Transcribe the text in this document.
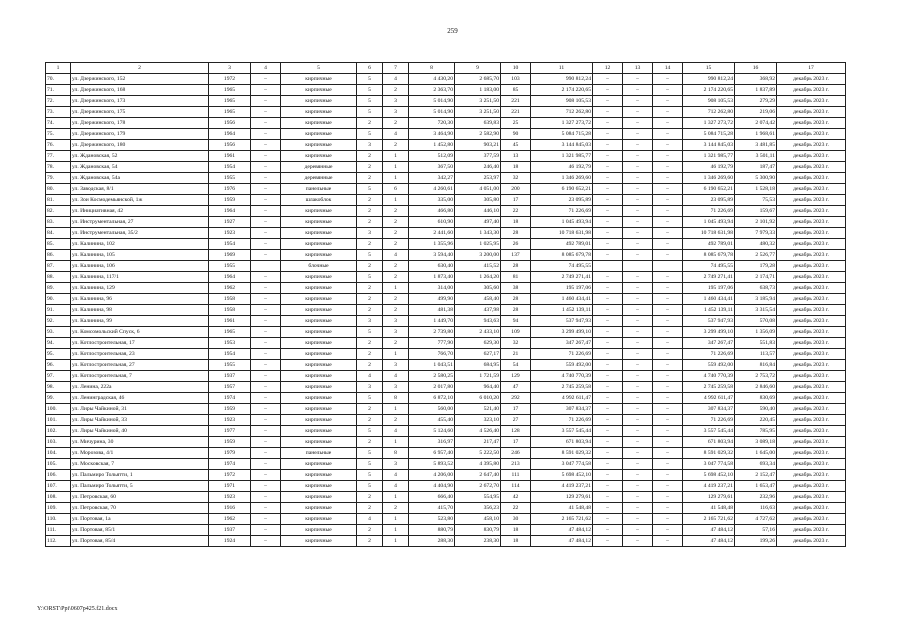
259
1	2	3	4	5	6	7	8	9	10	11	12	13	14	15	16	17
70.	ул. Дзержинского, 152	1972	–	кирпичные	5	4	4 430,20	2 685,70	103	990 812,24	–	–	–	990 812,24	368,92	декабрь 2023 г.
71.	ул. Дзержинского, 168	1965	–	кирпичные	5	2	2 363,70	1 183,00	85	2 174 220,65	–	–	–	2 174 220,65	1 837,89	декабрь 2023 г.
72.	ул. Дзержинского, 173	1965	–	кирпичные	5	3	5 014,90	3 251,50	221	908 105,53	–	–	–	908 105,53	279,29	декабрь 2023 г.
73.	ул. Дзержинского, 175	1965	–	кирпичные	5	3	5 014,90	3 251,50	221	712 262,80	–	–	–	712 262,80	219,06	декабрь 2023 г.
74.	ул. Дзержинского, 178	1956	–	кирпичные	2	2	720,30	639,83	25	1 327 273,72	–	–	–	1 327 273,72	2 074,42	декабрь 2023 г.
75.	ул. Дзержинского, 179	1964	–	кирпичные	5	4	3 464,90	2 582,90	90	5 084 715,28	–	–	–	5 084 715,28	1 968,61	декабрь 2023 г.
76.	ул. Дзержинского, 180	1956	–	кирпичные	3	2	1 452,80	903,21	45	3 144 845,03	–	–	–	3 144 845,03	3 481,85	декабрь 2023 г.
77.	ул. Ждановская, 52	1961	–	кирпичные	2	1	512,09	377,59	13	1 321 985,77	–	–	–	1 321 985,77	3 501,11	декабрь 2023 г.
78.	ул. Ждановская, 54	1954	–	деревянные	2	1	367,50	246,40	18	46 192,79	–	–	–	46 192,79	187,47	декабрь 2023 г.
79.	ул. Ждановская, 54а	1955	–	деревянные	2	1	342,27	253,97	32	1 346 269,60	–	–	–	1 346 269,60	5 300,90	декабрь 2023 г.
80.	ул. Заводская, 8/1	1976	–	панельные	5	6	4 260,61	4 051,00	200	6 190 652,21	–	–	–	6 190 652,21	1 528,18	декабрь 2023 г.
81.	ул. Зои Космодемьянской, 1ж	1959	–	шлакоблок	2	1	335,00	305,80	17	23 095,89	–	–	–	23 095,89	75,53	декабрь 2023 г.
82.	ул. Инициативная, 42	1964	–	кирпичные	2	2	466,80	446,10	22	71 226,69	–	–	–	71 226,69	159,67	декабрь 2023 г.
83.	ул. Инструментальная, 27	1927	–	кирпичные	2	2	610,90	497,40	18	1 045 493,94	–	–	–	1 045 493,94	2 101,92	декабрь 2023 г.
84.	ул. Инструментальная, 35/2	1923	–	кирпичные	3	2	2 441,60	1 343,30	28	10 718 631,98	–	–	–	10 718 631,98	7 979,33	декабрь 2023 г.
85.	ул. Калинина, 102	1954	–	кирпичные	2	2	1 355,96	1 025,95	26	492 789,01	–	–	–	492 789,01	480,32	декабрь 2023 г.
86.	ул. Калинина, 105	1969	–	кирпичные	5	4	3 594,40	3 200,00	137	8 085 679,78	–	–	–	8 085 679,78	2 526,77	декабрь 2023 г.
87.	ул. Калинина, 106	1955		блочные	2	2	630,40	415,52	28	74 495,55				74 495,55	179,28	декабрь 2023 г.
88.	ул. Калинина, 117/1	1964	–	кирпичные	5	2	1 873,40	1 264,20	81	2 749 271,41	–	–	–	2 749 271,41	2 174,71	декабрь 2023 г.
89.	ул. Калинина, 129	1962	–	кирпичные	2	1	314,00	305,60	38	195 197,06	–	–	–	195 197,06	638,73	декабрь 2023 г.
90.	ул. Калинина, 96	1958	–	кирпичные	2	2	499,90	458,40	28	1 460 434,41	–	–	–	1 460 434,41	3 185,94	декабрь 2023 г.
91.	ул. Калинина, 98	1958	–	кирпичные	2	2	481,38	437,98	28	1 452 139,11	–	–	–	1 452 139,11	3 315,54	декабрь 2023 г.
92.	ул. Калинина, 99	1961	–	кирпичные	3	3	1 449,70	943,63	94	537 947,93	–	–	–	537 947,93	570,08	декабрь 2023 г.
93.	ул. Комсомольский Спуск, 6	1965	–	кирпичные	5	3	2 739,80	2 433,10	109	3 299 499,10	–	–	–	3 299 499,10	1 356,09	декабрь 2023 г.
94.	ул. Котлостроительная, 17	1953	–	кирпичные	2	2	777,90	629,30	32	347 267,47	–	–	–	347 267,47	551,83	декабрь 2023 г.
95.	ул. Котлостроительная, 23	1954	–	кирпичные	2	1	766,70	627,17	21	71 226,69	–	–	–	71 226,69	113,57	декабрь 2023 г.
96.	ул. Котлостроительная, 27	1955	–	кирпичные	2	3	1 043,51	684,95	54	559 492,00	–	–	–	559 492,00	816,84	декабрь 2023 г.
97.	ул. Котлостроительная, 7	1937	–	кирпичные	4	4	2 580,25	1 721,59	129	4 740 770,39	–	–	–	4 740 770,39	2 753,72	декабрь 2023 г.
98.	ул. Ленина, 222а	1957	–	кирпичные	3	3	2 017,80	964,40	47	2 745 259,58	–	–	–	2 745 259,58	2 846,60	декабрь 2023 г.
99.	ул. Ленинградская, 46	1974	–	кирпичные	5	8	6 872,10	6 010,20	292	4 992 611,47	–	–	–	4 992 611,47	830,69	декабрь 2023 г.
100.	ул. Лиры Чайкиной, 31	1959	–	кирпичные	2	1	560,00	521,40	17	307 834,37	–	–	–	307 834,37	590,40	декабрь 2023 г.
101.	ул. Лиры Чайкиной, 33	1923	–	кирпичные	2	2	455,40	323,10	27	71 226,69	–	–	–	71 226,69	220,45	декабрь 2023 г.
102.	ул. Лиры Чайкиной, 40	1977	–	кирпичные	5	4	5 124,60	4 526,40	128	3 557 545,44	–	–	–	3 557 545,44	785,95	декабрь 2023 г.
103.	ул. Мичурина, 30	1959	–	кирпичные	2	1	316,97	217,47	17	671 803,94	–	–	–	671 803,94	3 089,18	декабрь 2023 г.
104.	ул. Морозова, 4/1	1979	–	панельные	5	8	6 957,40	5 222,50	246	8 591 029,32	–	–	–	8 591 029,32	1 645,00	декабрь 2023 г.
105.	ул. Московская, 7	1974	–	кирпичные	5	3	5 893,52	4 395,80	213	3 047 774,58	–	–	–	3 047 774,58	693,34	декабрь 2023 г.
106.	ул. Пальмиро Тольятти, 1	1972	–	кирпичные	5	4	4 206,00	2 647,40	111	5 698 452,10	–	–	–	5 698 452,10	2 152,47	декабрь 2023 г.
107.	ул. Пальмиро Тольятти, 5	1971	–	кирпичные	5	4	4 404,90	2 672,70	114	4 419 237,21	–	–	–	4 419 237,21	1 653,47	декабрь 2023 г.
108.	ул. Петровская, 60	1923	–	кирпичные	2	1	666,40	554,95	42	129 279,61	–	–	–	129 279,61	232,96	декабрь 2023 г.
109.	ул. Петровская, 70	1916	–	кирпичные	2	2	415,70	356,23	22	41 548,48	–	–	–	41 548,48	116,63	декабрь 2023 г.
110.	ул. Портовая, 1а	1962	–	кирпичные	4	1	523,80	458,10	30	2 165 721,62	–	–	–	2 165 721,62	4 727,62	декабрь 2023 г.
111.	ул. Портовая, 85/1	1937	–	кирпичные	2	1	880,79	830,79	18	47 484,12	–	–	–	47 484,12	57,16	декабрь 2023 г.
112.	ул. Портовая, 85/4	1924	–	кирпичные	2	1	288,30	238,30	18	47 484,12	–	–	–	47 484,12	199,26	декабрь 2023 г.
Y:\ORST\Ppi\0607p425.f21.docx
